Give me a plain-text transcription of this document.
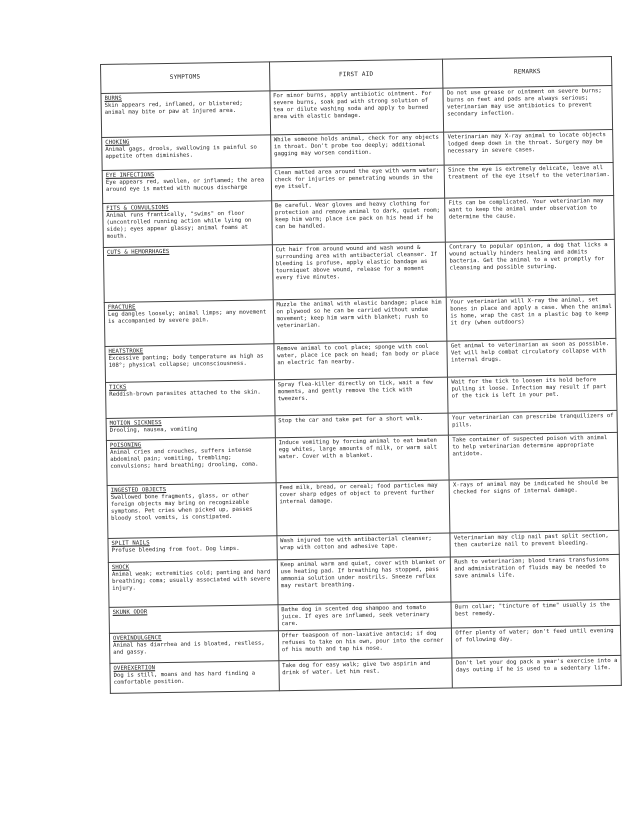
SYMPTOMS	FIRST AID	REMARKS

BURNS
Skin appears red, inflamed, or blistered; animal may bite or paw at injured area.	For minor burns, apply antibiotic ointment. For severe burns, soak pad with strong solution of tea or dilute washing soda and apply to burned area with elastic bandage.	Do not use grease or ointment on severe burns; burns on feet and pads are always serious; veterinarian may use antibiotics to prevent secondary infection.

CHOKING
Animal gags, drools, swallowing is painful so appetite often diminishes.	While someone holds animal, check for any objects in throat. Don't probe too deeply; additional gagging may worsen condition.	Veterinarian may X-ray animal to locate objects lodged deep down in the throat. Surgery may be necessary in severe cases.

EYE INFECTIONS
Eye appears red, swollen, or inflamed; the area around eye is matted with mucous discharge	Clean matted area around the eye with warm water; check for injuries or penetrating wounds in the eye itself.	Since the eye is extremely delicate, leave all treatment of the eye itself to the veterinarian.

FITS & CONVULSIONS
Animal runs frantically, "swims" on floor (uncontrolled running action while lying on side); eyes appear glassy; animal foams at mouth.	Be careful. Wear gloves and heavy clothing for protection and remove animal to dark, quiet room; keep him warm; place ice pack on his head if he can be handled.	Fits can be complicated. Your veterinarian may want to keep the animal under observation to determine the cause.

CUTS & HEMORRHAGES	Cut hair from around wound and wash wound & surrounding area with antibacterial cleanser. If bleeding is profuse, apply elastic bandage as tourniquet above wound, release for a moment every five minutes.	Contrary to popular opinion, a dog that licks a wound actually hinders healing and admits bacteria. Get the animal to a vet promptly for cleansing and possible suturing.

FRACTURE
Leg dangles loosely; animal limps; any movement is accompanied by severe pain.	Muzzle the animal with elastic bandage; place him on plywood so he can be carried without undue movement; keep him warm with blanket; rush to veterinarian.	Your veterinarian will X-ray the animal, set bones in place and apply a case. When the animal is home, wrap the cast in a plastic bag to keep it dry (when outdoors)

HEATSTROKE
Excessive panting; body temperature as high as 108°; physical collapse; unconsciousness.	Remove animal to cool place; sponge with cool water, place ice pack on head; fan body or place an electric fan nearby.	Get animal to veterinarian as soon as possible. Vet will help combat circulatory collapse with internal drugs.

TICKS
Reddish-brown parasites attached to the skin.	Spray flea-killer directly on tick, wait a few moments, and gently remove the tick with tweezers.	Wait for the tick to loosen its hold before pulling it loose. Infection may result if part of the tick is left in your pet.

MOTION SICKNESS
Drooling, nausea, vomiting	Stop the car and take pet for a short walk.	Your veterinarian can prescribe tranquilizers of pills.

POISONING
Animal cries and crouches, suffers intense abdominal pain; vomiting, trembling; convulsions; hard breathing; drooling, coma.	Induce vomiting by forcing animal to eat beaten egg whites, large amounts of milk, or warm salt water. Cover with a blanket.	Take container of suspected poison with animal to help veterinarian determine appropriate antidote.

INGESTED OBJECTS
Swallowed bone fragments, glass, or other foreign objects may bring on recognizable symptoms. Pet cries when picked up, passes bloody stool vomits, is constipated.	Feed milk, bread, or cereal; food particles may cover sharp edges of object to prevent further internal damage.	X-rays of animal may be indicated he should be checked for signs of internal damage.

SPLIT NAILS
Profuse bleeding from foot. Dog limps.	Wash injured toe with antibacterial cleanser; wrap with cotton and adhesive tape.	Veterinarian may clip nail past split section, then cauterize nail to prevent bleeding.

SHOCK
Animal weak; extremities cold; panting and hard breathing; coma; usually associated with severe injury.	Keep animal warm and quiet, cover with blanket or use heating pad. If breathing has stopped, pass ammonia solution under nostrils. Sneeze reflex may restart breathing.	Rush to veterinarian; blood trans transfusions and administration of fluids may be needed to save animals life.

SKUNK ODOR	Bathe dog in scented dog shampoo and tomato juice. If eyes are inflamed, seek veterinary care.	Burn collar; "tincture of time" usually is the best remedy.

OVERINDULGENCE
Animal has diarrhea and is bloated, restless, and gassy.	Offer teaspoon of non-laxative antacid; if dog refuses to take on his own, pour into the corner of his mouth and tap his nose.	Offer plenty of water; don't feed until evening of following day.

OVEREXERTION
Dog is still, moans and has hard finding a comfortable position.	Take dog for easy walk; give two aspirin and drink of water. Let him rest.	Don't let your dog pack a year's exercise into a days outing if he is used to a sedentary life.
